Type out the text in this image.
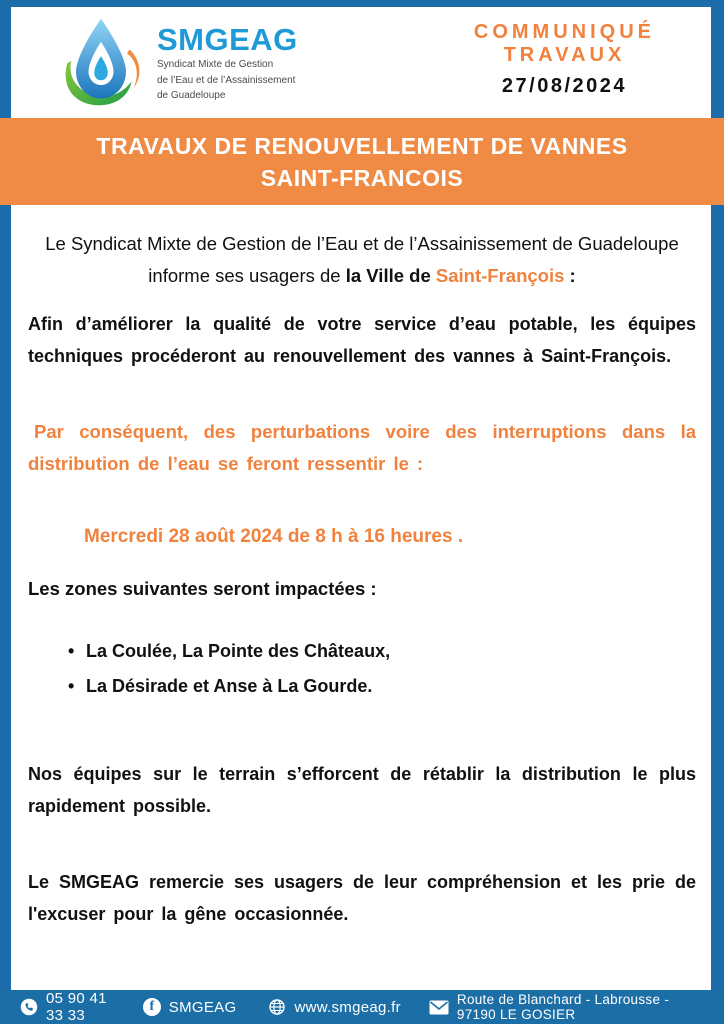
SMGEAG
Syndicat Mixte de Gestion
de l’Eau et de l’Assainissement
de Guadeloupe
COMMUNIQUÉ
TRAVAUX
27/08/2024
TRAVAUX DE RENOUVELLEMENT DE VANNES
SAINT-FRANCOIS

Le Syndicat Mixte de Gestion de l’Eau et de l’Assainissement de Guadeloupe informe ses usagers de la Ville de Saint-François :

Afin d’améliorer la qualité de votre service d’eau potable, les équipes techniques procéderont au renouvellement des vannes à Saint-François.

Par conséquent, des perturbations voire des interruptions dans la distribution de l’eau se feront ressentir le :

Mercredi 28 août 2024 de 8 h à 16 heures .

Les zones suivantes seront impactées :

• La Coulée, La Pointe des Châteaux,
• La Désirade et Anse à La Gourde.

Nos équipes sur le terrain s’efforcent de rétablir la distribution le plus rapidement possible.

Le SMGEAG remercie ses usagers de leur compréhension et les prie de l'excuser pour la gêne occasionnée.

05 90 41 33 33
f SMGEAG	www.smgeag.fr	Route de Blanchard - Labrousse - 97190 LE GOSIER
